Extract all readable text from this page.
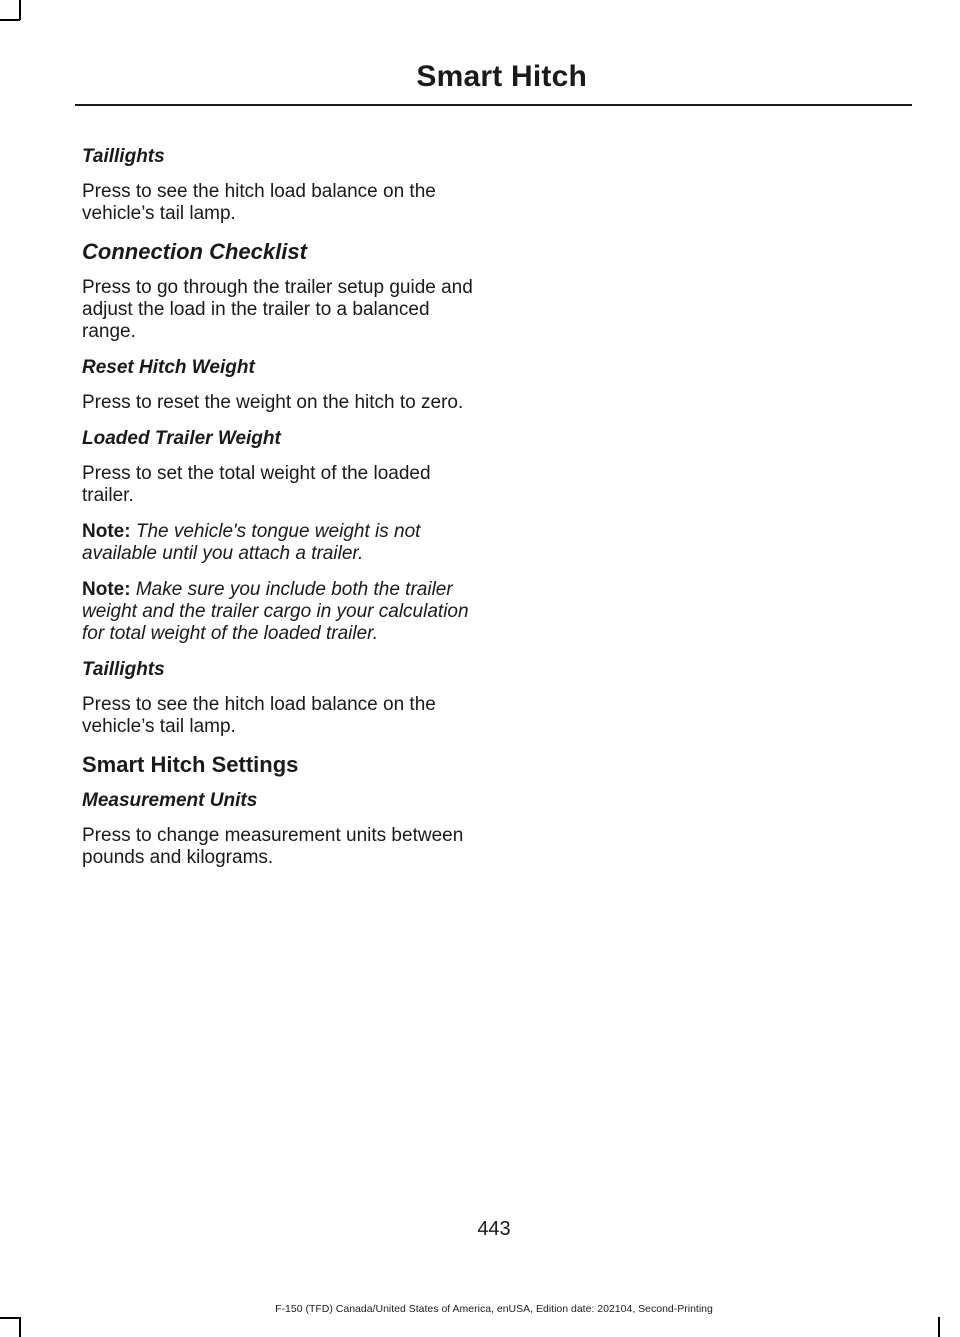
Smart Hitch

Taillights

Press to see the hitch load balance on the vehicle’s tail lamp.

Connection Checklist

Press to go through the trailer setup guide and adjust the load in the trailer to a balanced range.

Reset Hitch Weight

Press to reset the weight on the hitch to zero.

Loaded Trailer Weight

Press to set the total weight of the loaded trailer.

Note: The vehicle's tongue weight is not available until you attach a trailer.

Note: Make sure you include both the trailer weight and the trailer cargo in your calculation for total weight of the loaded trailer.

Taillights

Press to see the hitch load balance on the vehicle’s tail lamp.

Smart Hitch Settings

Measurement Units

Press to change measurement units between pounds and kilograms.

443
F-150 (TFD) Canada/United States of America, enUSA, Edition date: 202104, Second-Printing
